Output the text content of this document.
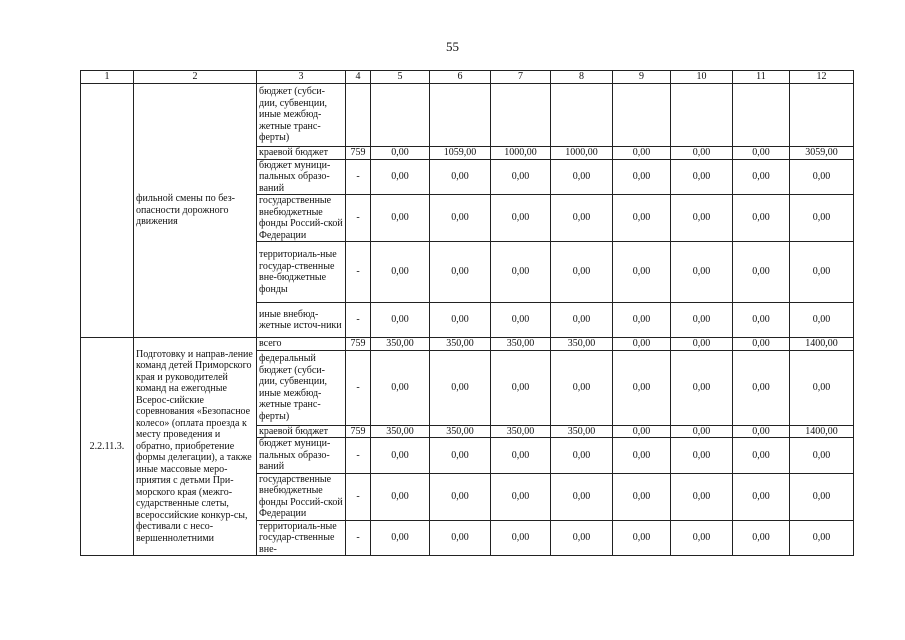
55
1	2	3	4	5	6	7	8	9	10	11	12
	фильной смены по без-опасности дорожного движения	бюджет (субси-дии, субвенции, иные межбюд-жетные транс-ферты)									
		краевой бюджет	759	0,00	1059,00	1000,00	1000,00	0,00	0,00	0,00	3059,00
		бюджет муници-пальных образо-ваний	-	0,00	0,00	0,00	0,00	0,00	0,00	0,00	0,00
		государственные внебюджетные фонды Россий-ской Федерации	-	0,00	0,00	0,00	0,00	0,00	0,00	0,00	0,00
		территориаль-ные государ-ственные вне-бюджетные фонды	-	0,00	0,00	0,00	0,00	0,00	0,00	0,00	0,00
		иные внебюд-жетные источ-ники	-	0,00	0,00	0,00	0,00	0,00	0,00	0,00	0,00
2.2.11.3.	Подготовку и направ-ление команд детей Приморского края и руководителей команд на ежегодные Всерос-сийские соревнования «Безопасное колесо» (оплата проезда к месту проведения и обратно, приобретение формы делегации), а также иные массовые меро-приятия с детьми При-морского края (межго-сударственные слеты, всероссийские конкур-сы, фестивали с несо-вершеннолетними	всего	759	350,00	350,00	350,00	350,00	0,00	0,00	0,00	1400,00
		федеральный бюджет (субси-дии, субвенции, иные межбюд-жетные транс-ферты)	-	0,00	0,00	0,00	0,00	0,00	0,00	0,00	0,00
		краевой бюджет	759	350,00	350,00	350,00	350,00	0,00	0,00	0,00	1400,00
		бюджет муници-пальных образо-ваний	-	0,00	0,00	0,00	0,00	0,00	0,00	0,00	0,00
		государственные внебюджетные фонды Россий-ской Федерации	-	0,00	0,00	0,00	0,00	0,00	0,00	0,00	0,00
		территориаль-ные государ-ственные вне-	-	0,00	0,00	0,00	0,00	0,00	0,00	0,00	0,00
